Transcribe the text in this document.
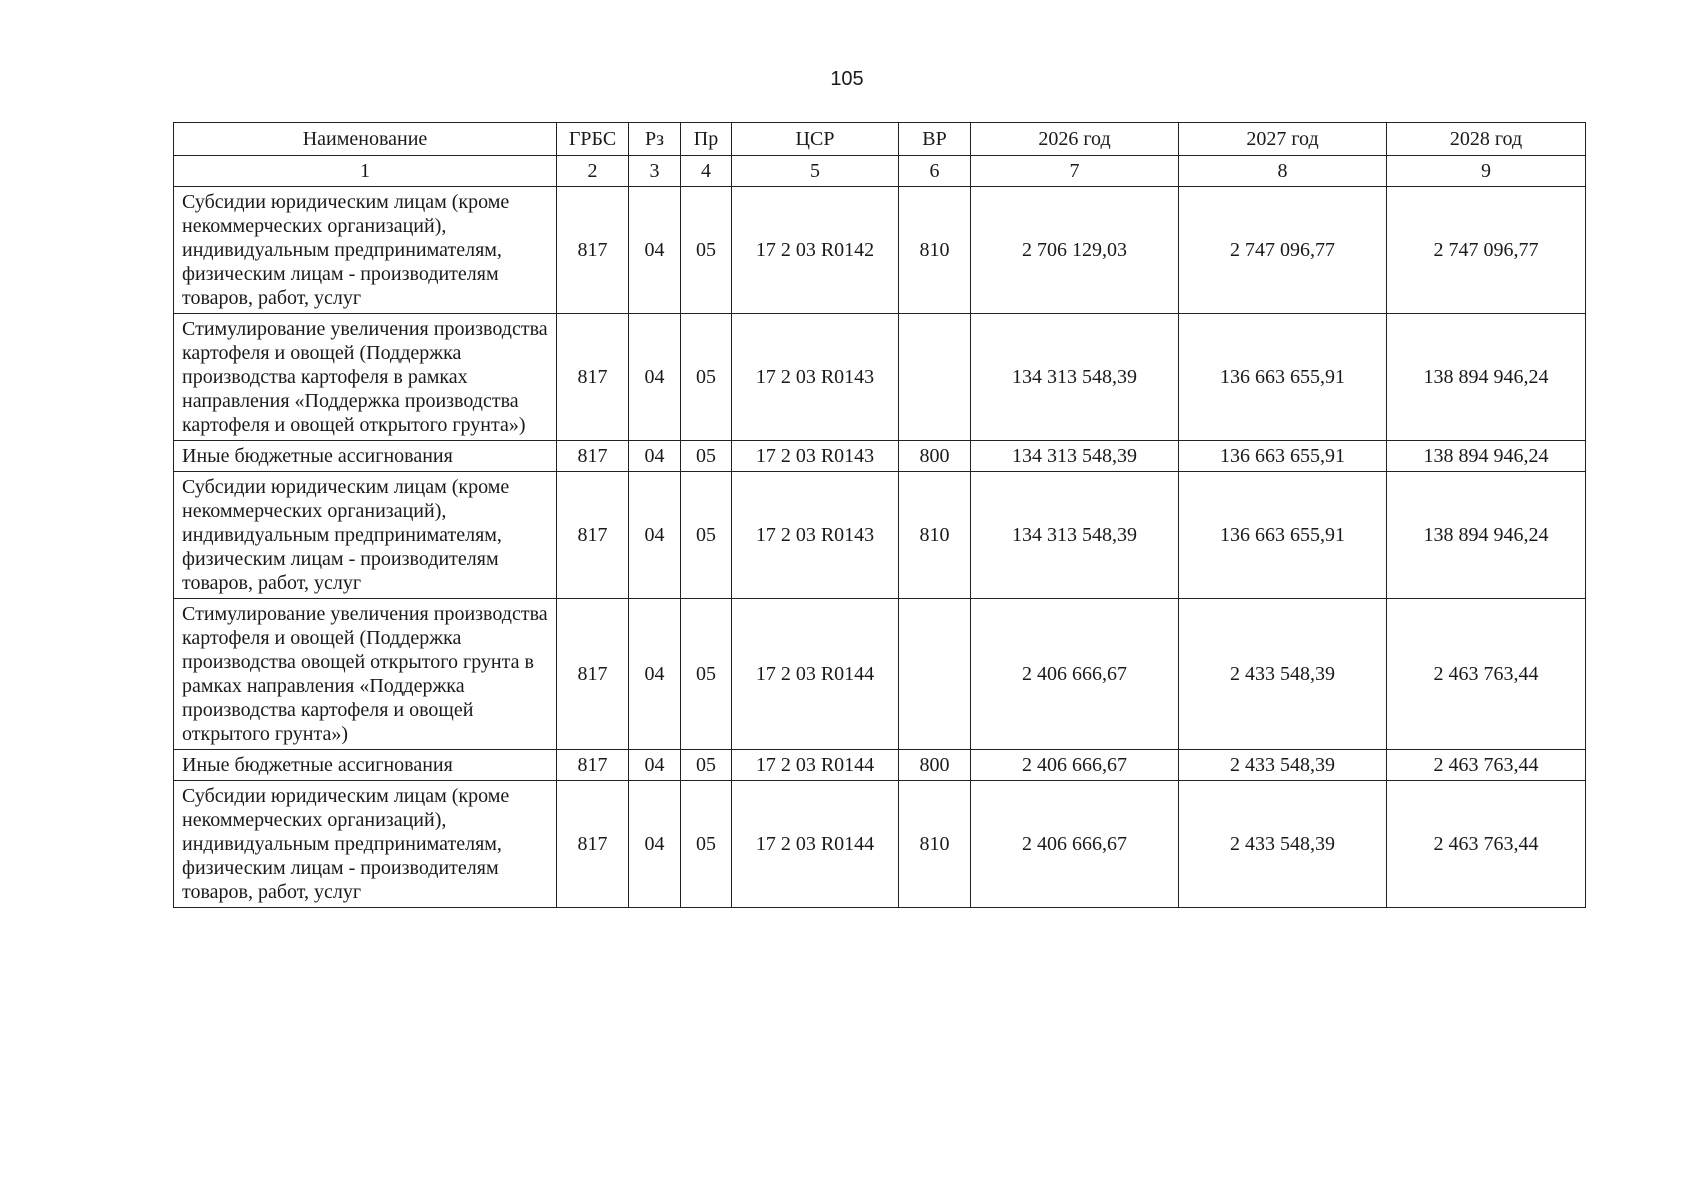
105
Наименование	ГРБС	Рз	Пр	ЦСР	ВР	2026 год	2027 год	2028 год
1	2	3	4	5	6	7	8	9
Субсидии юридическим лицам (кроме некоммерческих организаций), индивидуальным предпринимателям, физическим лицам - производителям товаров, работ, услуг	817	04	05	17 2 03 R0142	810	2 706 129,03	2 747 096,77	2 747 096,77
Стимулирование увеличения производства картофеля и овощей (Поддержка производства картофеля в рамках направления «Поддержка производства картофеля и овощей открытого грунта»)	817	04	05	17 2 03 R0143		134 313 548,39	136 663 655,91	138 894 946,24
Иные бюджетные ассигнования	817	04	05	17 2 03 R0143	800	134 313 548,39	136 663 655,91	138 894 946,24
Субсидии юридическим лицам (кроме некоммерческих организаций), индивидуальным предпринимателям, физическим лицам - производителям товаров, работ, услуг	817	04	05	17 2 03 R0143	810	134 313 548,39	136 663 655,91	138 894 946,24
Стимулирование увеличения производства картофеля и овощей (Поддержка производства овощей открытого грунта в рамках направления «Поддержка производства картофеля и овощей открытого грунта»)	817	04	05	17 2 03 R0144		2 406 666,67	2 433 548,39	2 463 763,44
Иные бюджетные ассигнования	817	04	05	17 2 03 R0144	800	2 406 666,67	2 433 548,39	2 463 763,44
Субсидии юридическим лицам (кроме некоммерческих организаций), индивидуальным предпринимателям, физическим лицам - производителям товаров, работ, услуг	817	04	05	17 2 03 R0144	810	2 406 666,67	2 433 548,39	2 463 763,44
